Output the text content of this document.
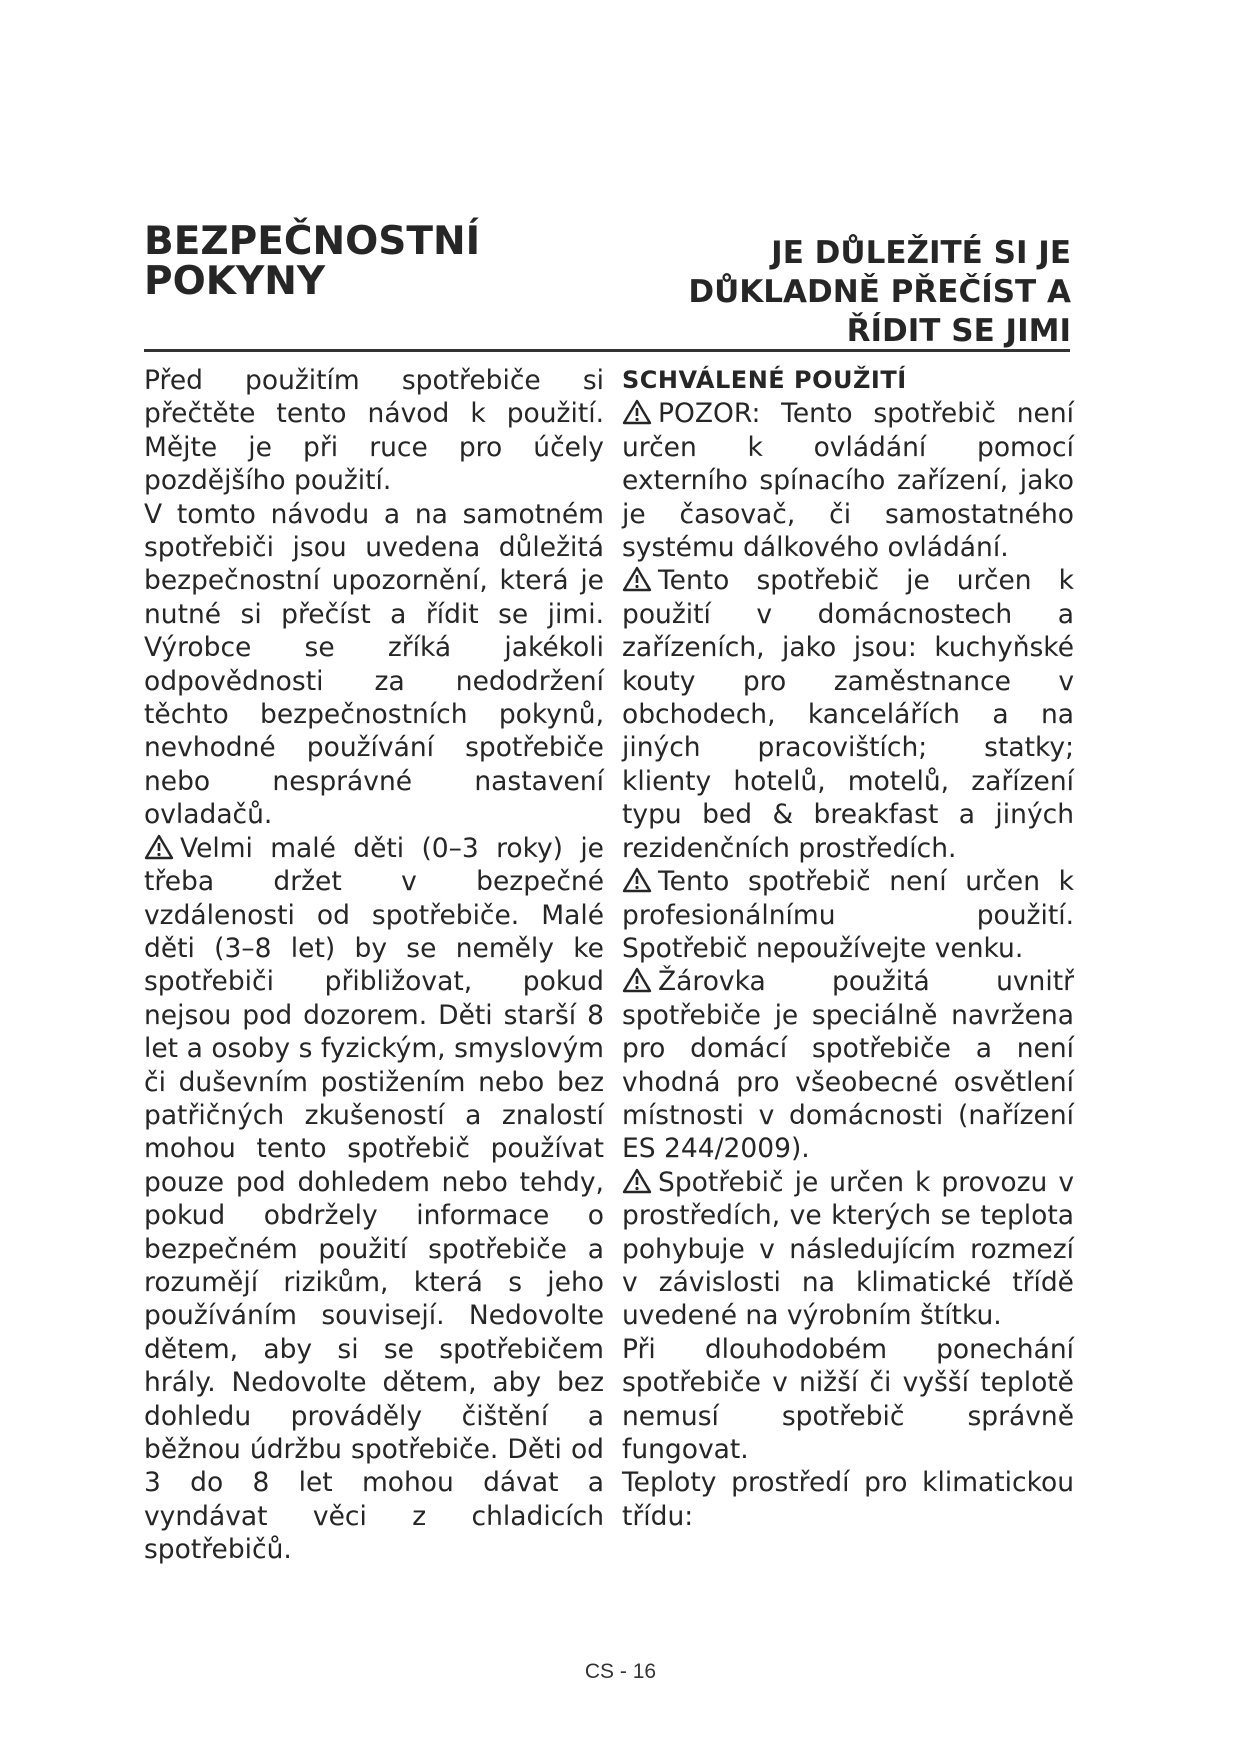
BEZPEČNOSTNÍ POKYNY
JE DŮLEŽITÉ SI JE DŮKLADNĚ PŘEČÍST A ŘÍDIT SE JIMI

Před použitím spotřebiče si přečtěte tento návod k použití. Mějte je při ruce pro účely pozdějšího použití.

V tomto návodu a na samotném spotřebiči jsou uvedena důležitá bezpečnostní upozornění, která je nutné si přečíst a řídit se jimi. Výrobce se zříká jakékoli odpovědnosti za nedodržení těchto bezpečnostních pokynů, nevhodné používání spotřebiče nebo nesprávné nastavení ovladačů.

Velmi malé děti (0–3 roky) je třeba držet v bezpečné vzdálenosti od spotřebiče. Malé děti (3–8 let) by se neměly ke spotřebiči přibližovat, pokud nejsou pod dozorem. Děti starší 8 let a osoby s fyzickým, smyslovým či duševním postižením nebo bez patřičných zkušeností a znalostí mohou tento spotřebič používat pouze pod dohledem nebo tehdy, pokud obdržely informace o bezpečném použití spotřebiče a rozumějí rizikům, která s jeho používáním souvisejí. Nedovolte dětem, aby si se spotřebičem hrály. Nedovolte dětem, aby bez dohledu prováděly čištění a běžnou údržbu spotřebiče. Děti od 3 do 8 let mohou dávat a vyndávat věci z chladicích spotřebičů.

SCHVÁLENÉ POUŽITÍ

POZOR: Tento spotřebič není určen k ovládání pomocí externího spínacího zařízení, jako je časovač, či samostatného systému dálkového ovládání.

Tento spotřebič je určen k použití v domácnostech a zařízeních, jako jsou: kuchyňské kouty pro zaměstnance v obchodech, kancelářích a na jiných pracovištích; statky; klienty hotelů, motelů, zařízení typu bed & breakfast a jiných rezidenčních prostředích.

Tento spotřebič není určen k profesionálnímu použití. Spotřebič nepoužívejte venku.

Žárovka použitá uvnitř spotřebiče je speciálně navržena pro domácí spotřebiče a není vhodná pro všeobecné osvětlení místnosti v domácnosti (nařízení ES 244/2009).

Spotřebič je určen k provozu v prostředích, ve kterých se teplota pohybuje v následujícím rozmezí v závislosti na klimatické třídě uvedené na výrobním štítku.

Při dlouhodobém ponechání spotřebiče v nižší či vyšší teplotě nemusí spotřebič správně fungovat.

Teploty prostředí pro klimatickou třídu:

CS - 16
